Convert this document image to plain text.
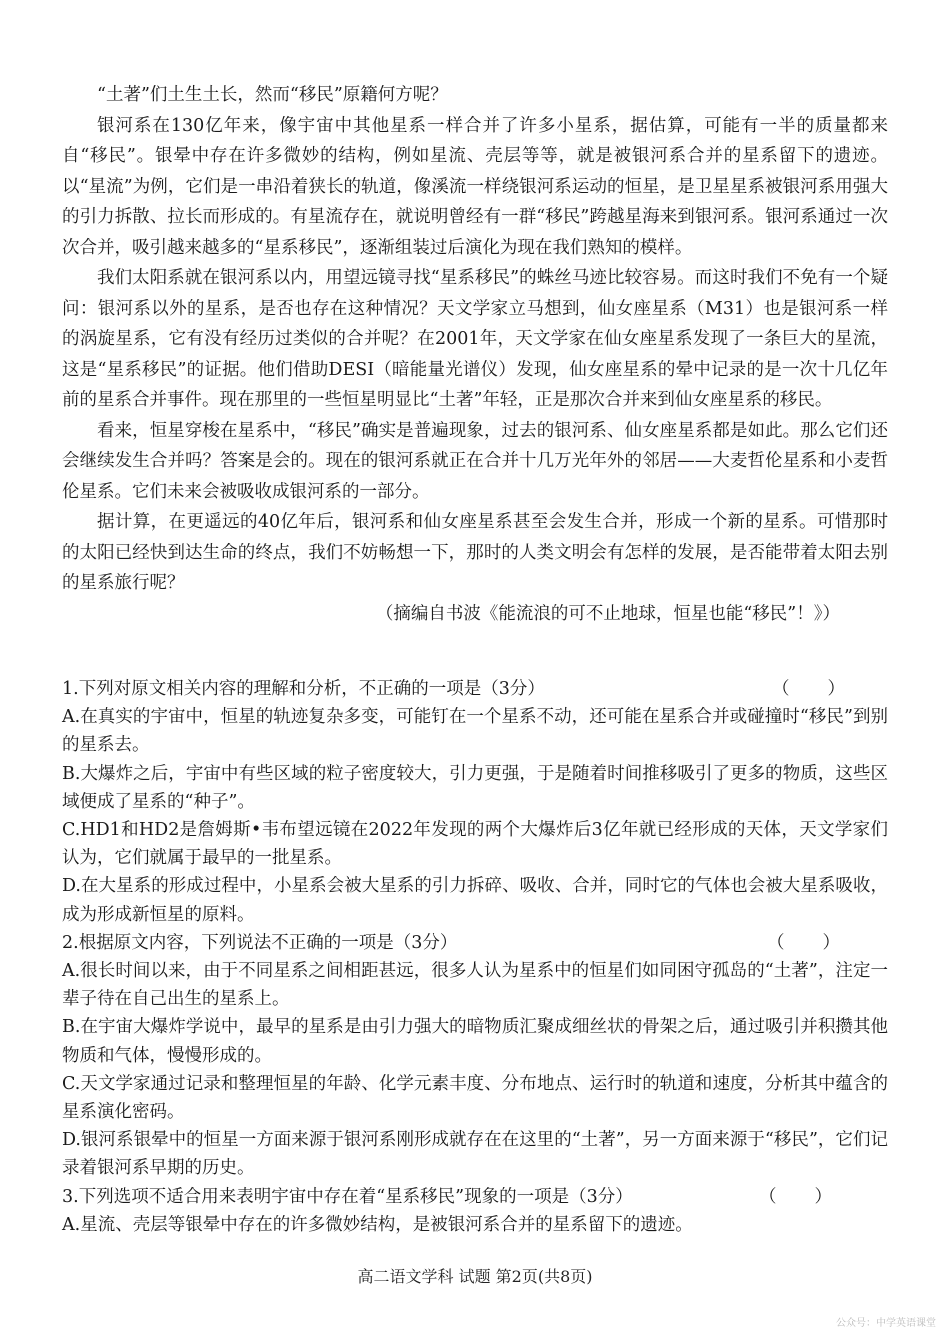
“土著”们土生土长，然而“移民”原籍何方呢？

银河系在130亿年来，像宇宙中其他星系一样合并了许多小星系，据估算，可能有一半的质量都来自“移民”。银晕中存在许多微妙的结构，例如星流、壳层等等，就是被银河系合并的星系留下的遗迹。以“星流”为例，它们是一串沿着狭长的轨道，像溪流一样绕银河系运动的恒星，是卫星星系被银河系用强大的引力拆散、拉长而形成的。有星流存在，就说明曾经有一群“移民”跨越星海来到银河系。银河系通过一次次合并，吸引越来越多的“星系移民”，逐渐组装过后演化为现在我们熟知的模样。

我们太阳系就在银河系以内，用望远镜寻找“星系移民”的蛛丝马迹比较容易。而这时我们不免有一个疑问：银河系以外的星系，是否也存在这种情况？天文学家立马想到，仙女座星系（M31）也是银河系一样的涡旋星系，它有没有经历过类似的合并呢？在2001年，天文学家在仙女座星系发现了一条巨大的星流，这是“星系移民”的证据。他们借助DESI（暗能量光谱仪）发现，仙女座星系的晕中记录的是一次十几亿年前的星系合并事件。现在那里的一些恒星明显比“土著”年轻，正是那次合并来到仙女座星系的移民。

看来，恒星穿梭在星系中，“移民”确实是普遍现象，过去的银河系、仙女座星系都是如此。那么它们还会继续发生合并吗？答案是会的。现在的银河系就正在合并十几万光年外的邻居——大麦哲伦星系和小麦哲伦星系。它们未来会被吸收成银河系的一部分。

据计算，在更遥远的40亿年后，银河系和仙女座星系甚至会发生合并，形成一个新的星系。可惜那时的太阳已经快到达生命的终点，我们不妨畅想一下，那时的人类文明会有怎样的发展，是否能带着太阳去别的星系旅行呢？

（摘编自书波《能流浪的可不止地球，恒星也能“移民”！》）

1.下列对原文相关内容的理解和分析，不正确的一项是（3分）	（　　）

A.在真实的宇宙中，恒星的轨迹复杂多变，可能钉在一个星系不动，还可能在星系合并或碰撞时“移民”到别的星系去。

B.大爆炸之后，宇宙中有些区域的粒子密度较大，引力更强，于是随着时间推移吸引了更多的物质，这些区域便成了星系的“种子”。

C.HD1和HD2是詹姆斯•韦布望远镜在2022年发现的两个大爆炸后3亿年就已经形成的天体，天文学家们认为，它们就属于最早的一批星系。

D.在大星系的形成过程中，小星系会被大星系的引力拆碎、吸收、合并，同时它的气体也会被大星系吸收，成为形成新恒星的原料。

2.根据原文内容，下列说法不正确的一项是（3分）	（　　）

A.很长时间以来，由于不同星系之间相距甚远，很多人认为星系中的恒星们如同困守孤岛的“土著”，注定一辈子待在自己出生的星系上。

B.在宇宙大爆炸学说中，最早的星系是由引力强大的暗物质汇聚成细丝状的骨架之后，通过吸引并积攒其他物质和气体，慢慢形成的。

C.天文学家通过记录和整理恒星的年龄、化学元素丰度、分布地点、运行时的轨道和速度，分析其中蕴含的星系演化密码。

D.银河系银晕中的恒星一方面来源于银河系刚形成就存在在这里的“土著”，另一方面来源于“移民”，它们记录着银河系早期的历史。

3.下列选项不适合用来表明宇宙中存在着“星系移民”现象的一项是（3分）	（　　）

A.星流、壳层等银晕中存在的许多微妙结构，是被银河系合并的星系留下的遗迹。

高二语文学科 试题 第2页(共8页)
公众号：中学英语课堂
